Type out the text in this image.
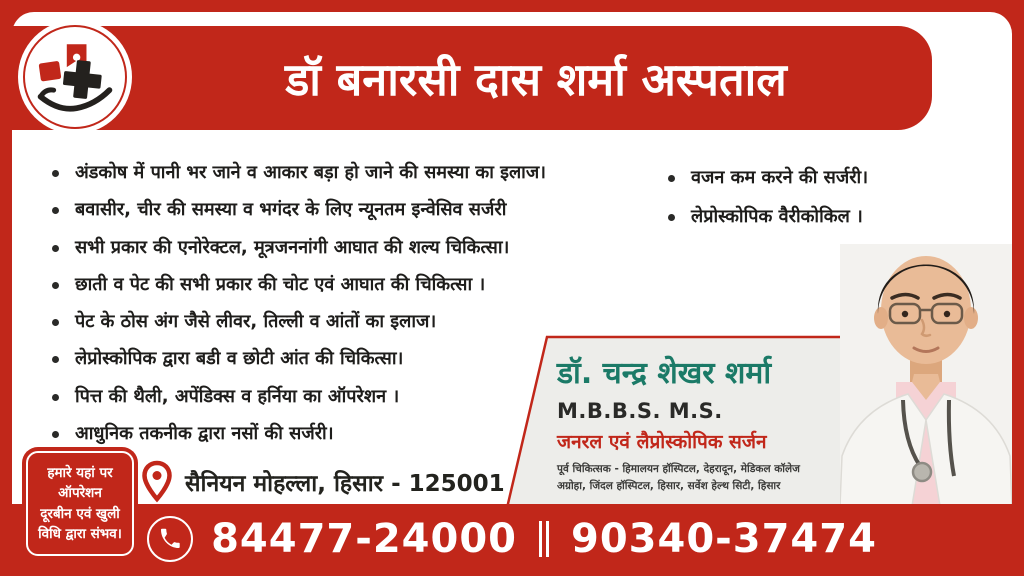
डॉ बनारसी दास शर्मा अस्पताल
अंडकोष में पानी भर जाने व आकार बड़ा हो जाने की समस्या का इलाज।
बवासीर, चीर की समस्या व भगंदर के लिए न्यूनतम इन्वेसिव सर्जरी
सभी प्रकार की एनोरेक्टल, मूत्रजननांगी आघात की शल्य चिकित्सा।
छाती व पेट की सभी प्रकार की चोट एवं आघात की चिकित्सा ।
पेट के ठोस अंग जैसे लीवर, तिल्ली व आंतों का इलाज।
लेप्रोस्कोपिक द्वारा बडी व छोटी आंत की चिकित्सा।
पित्त की थैली, अपेंडिक्स व हर्निया का ऑपरेशन ।
आधुनिक तकनीक द्वारा नसों की सर्जरी।
वजन कम करने की सर्जरी।
लेप्रोस्कोपिक वैरीकोकिल ।
डॉ. चन्द्र शेखर शर्मा
M.B.B.S. M.S.
जनरल एवं लैप्रोस्कोपिक सर्जन
पूर्व चिकित्सक - हिमालयन हॉस्पिटल, देहरादून, मेडिकल कॉलेज
अग्रोहा, जिंदल हॉस्पिटल, हिसार, सर्वेश हेल्थ सिटी, हिसार
हमारे यहां पर
ऑपरेशन
दूरबीन एवं खुली
विधि द्वारा संभव।
सैनियन मोहल्ला, हिसार - 125001
84477-24000 90340-37474
